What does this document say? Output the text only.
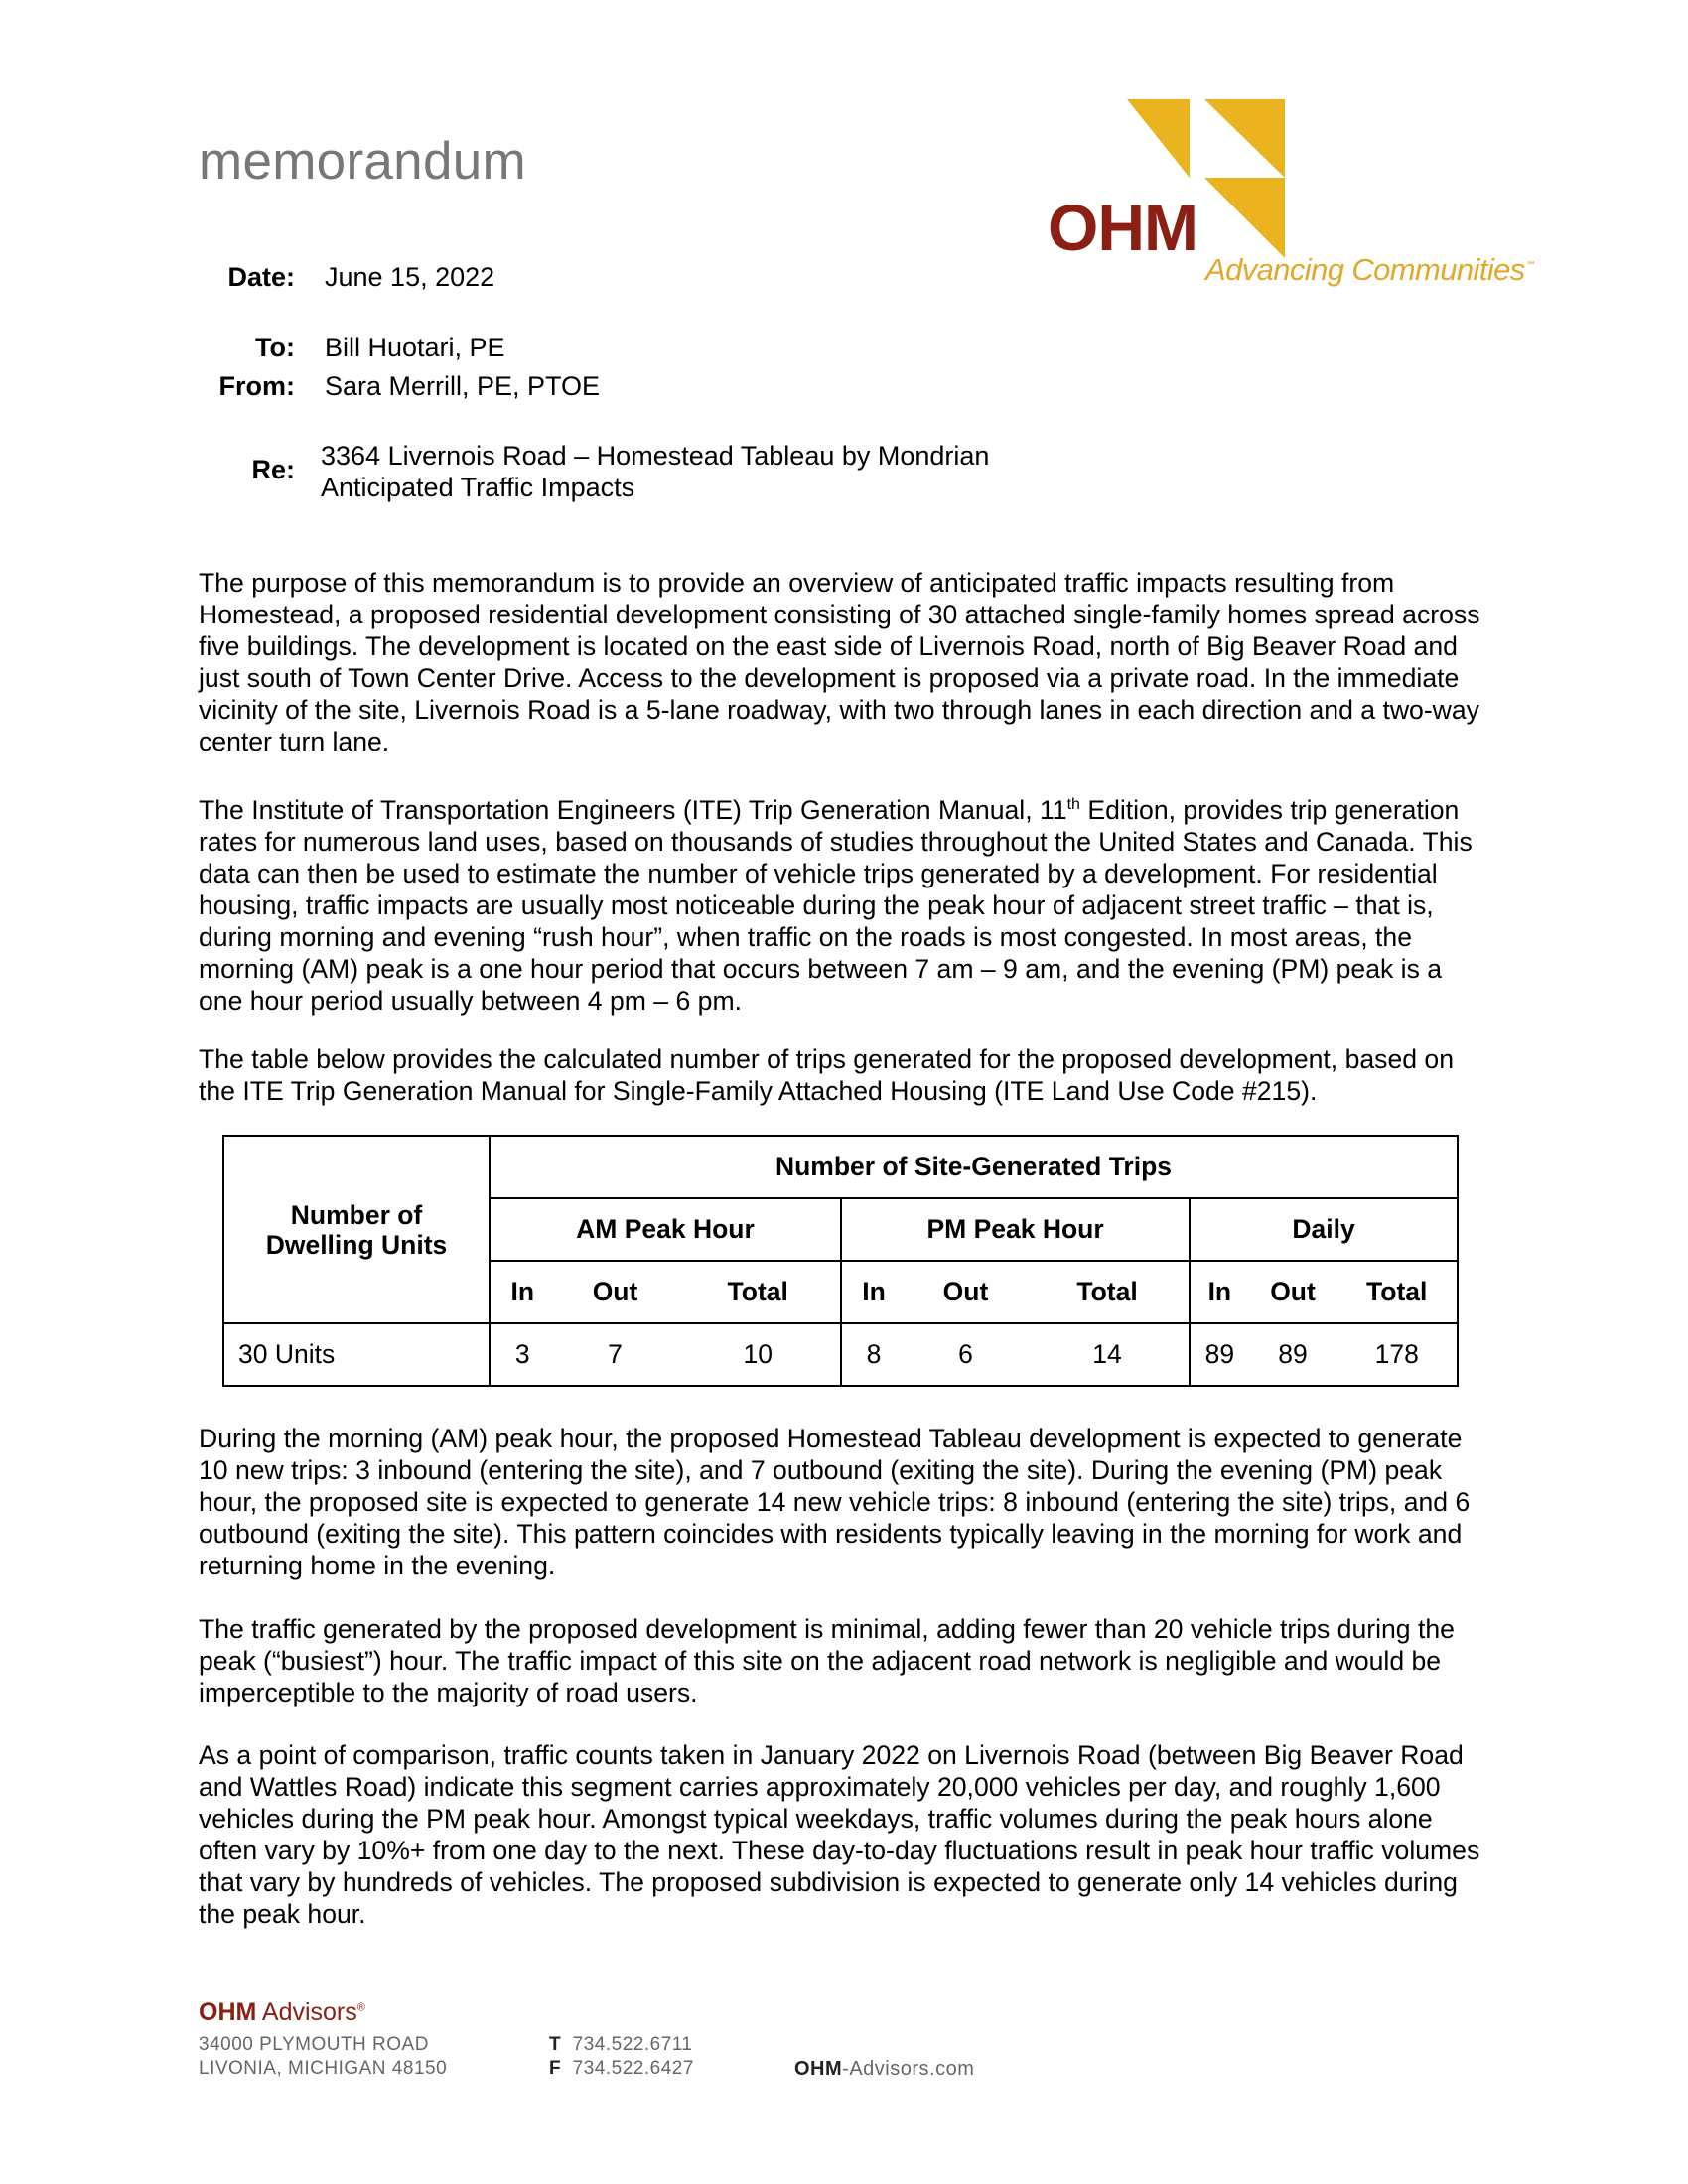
memorandum
OHM
Advancing Communities℠
Date: June 15, 2022
To: Bill Huotari, PE
From: Sara Merrill, PE, PTOE
Re: 3364 Livernois Road – Homestead Tableau by Mondrian
Anticipated Traffic Impacts

The purpose of this memorandum is to provide an overview of anticipated traffic impacts resulting from Homestead, a proposed residential development consisting of 30 attached single-family homes spread across five buildings. The development is located on the east side of Livernois Road, north of Big Beaver Road and just south of Town Center Drive. Access to the development is proposed via a private road. In the immediate vicinity of the site, Livernois Road is a 5-lane roadway, with two through lanes in each direction and a two-way center turn lane.

The Institute of Transportation Engineers (ITE) Trip Generation Manual, 11th Edition, provides trip generation rates for numerous land uses, based on thousands of studies throughout the United States and Canada. This data can then be used to estimate the number of vehicle trips generated by a development. For residential housing, traffic impacts are usually most noticeable during the peak hour of adjacent street traffic – that is, during morning and evening “rush hour”, when traffic on the roads is most congested. In most areas, the morning (AM) peak is a one hour period that occurs between 7 am – 9 am, and the evening (PM) peak is a one hour period usually between 4 pm – 6 pm.

The table below provides the calculated number of trips generated for the proposed development, based on the ITE Trip Generation Manual for Single-Family Attached Housing (ITE Land Use Code #215).

Number of Dwelling Units	Number of Site-Generated Trips								
	AM Peak Hour			PM Peak Hour			Daily		
	In	Out	Total	In	Out	Total	In	Out	Total
30 Units	3	7	10	8	6	14	89	89	178

During the morning (AM) peak hour, the proposed Homestead Tableau development is expected to generate 10 new trips: 3 inbound (entering the site), and 7 outbound (exiting the site). During the evening (PM) peak hour, the proposed site is expected to generate 14 new vehicle trips: 8 inbound (entering the site) trips, and 6 outbound (exiting the site). This pattern coincides with residents typically leaving in the morning for work and returning home in the evening.

The traffic generated by the proposed development is minimal, adding fewer than 20 vehicle trips during the peak (“busiest”) hour. The traffic impact of this site on the adjacent road network is negligible and would be imperceptible to the majority of road users.

As a point of comparison, traffic counts taken in January 2022 on Livernois Road (between Big Beaver Road and Wattles Road) indicate this segment carries approximately 20,000 vehicles per day, and roughly 1,600 vehicles during the PM peak hour. Amongst typical weekdays, traffic volumes during the peak hours alone often vary by 10%+ from one day to the next. These day-to-day fluctuations result in peak hour traffic volumes that vary by hundreds of vehicles. The proposed subdivision is expected to generate only 14 vehicles during the peak hour.

OHM Advisors®
34000 PLYMOUTH ROAD
LIVONIA, MICHIGAN 48150
T 734.522.6711
F 734.522.6427	OHM-Advisors.com
